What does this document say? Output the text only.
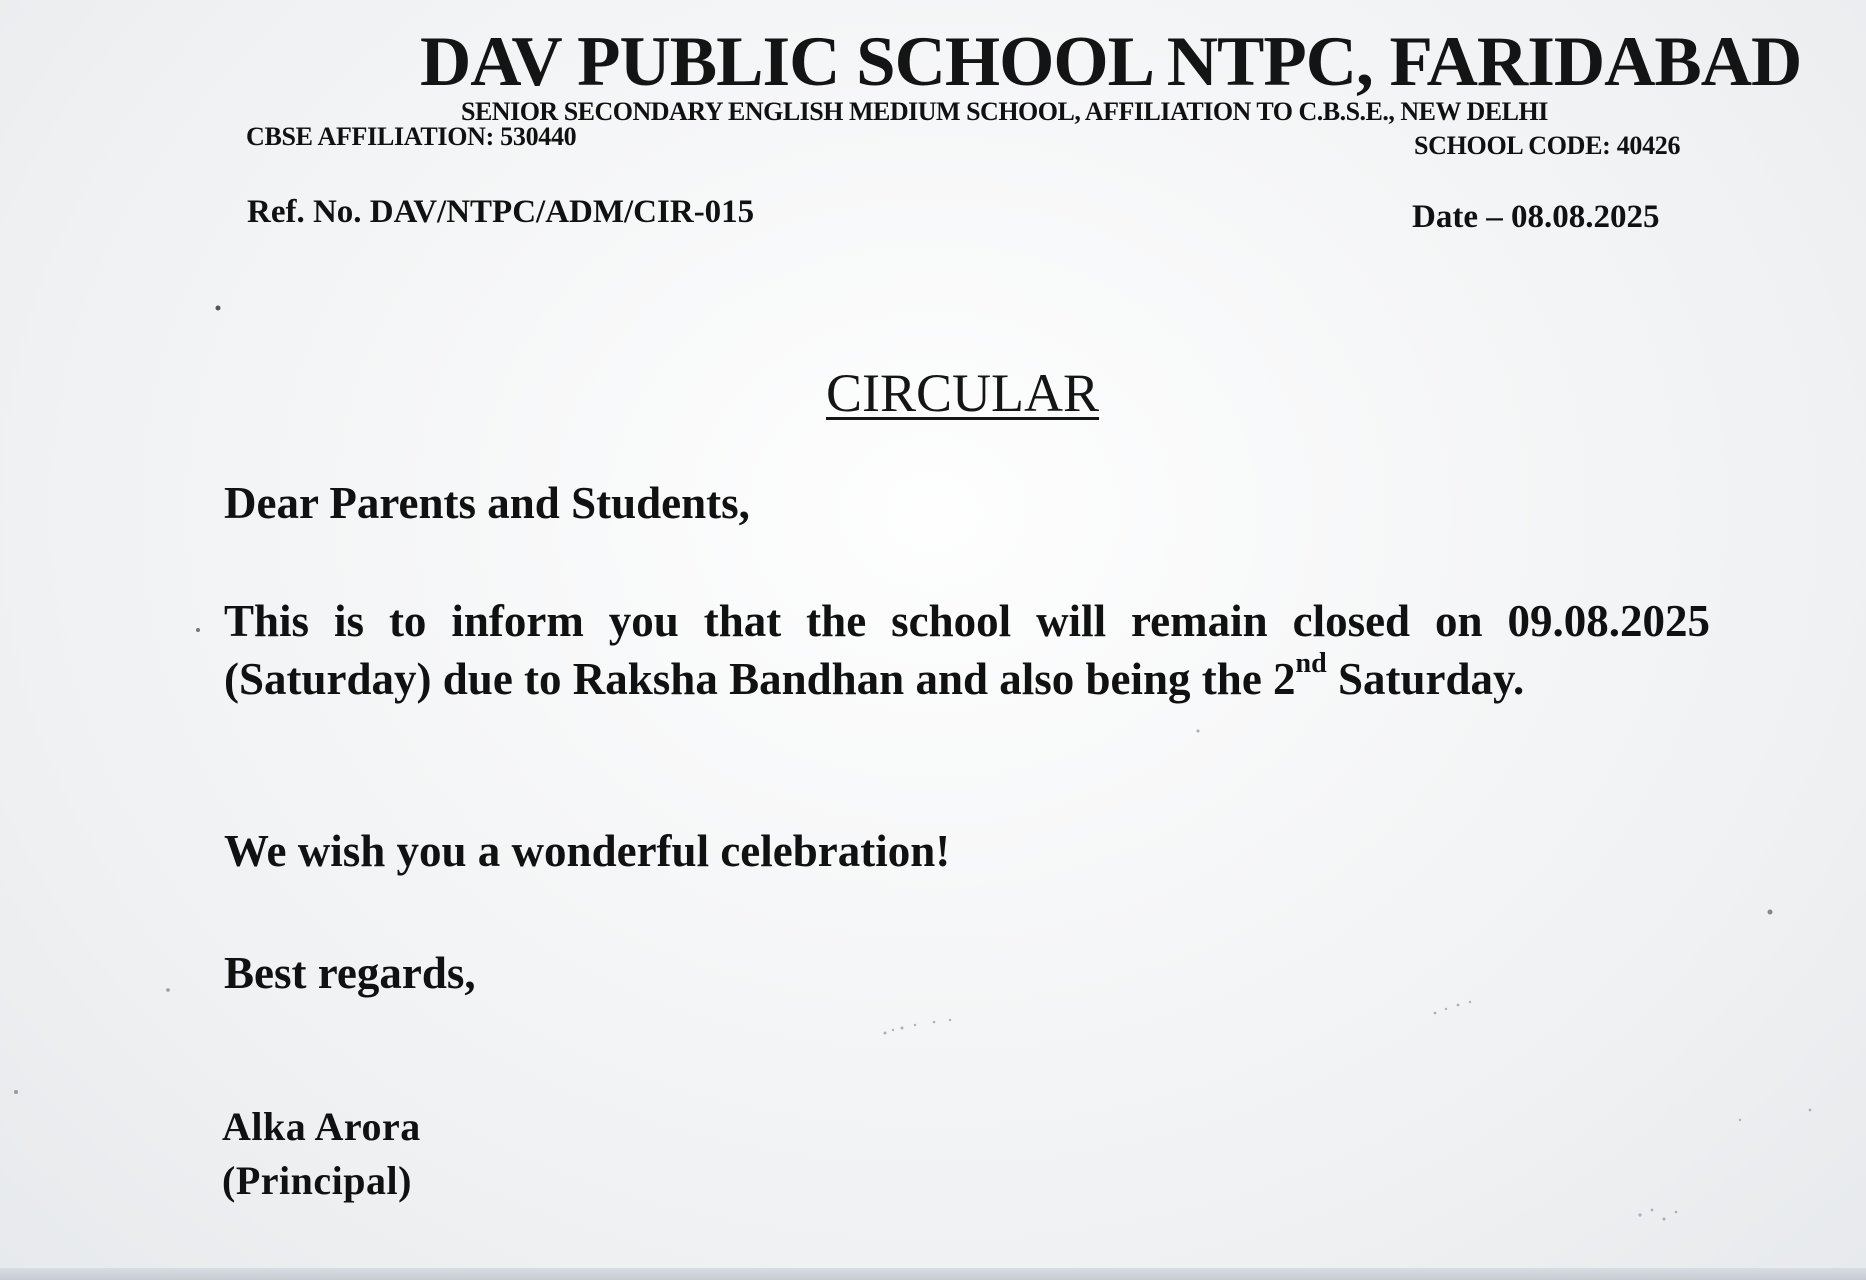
DAV PUBLIC SCHOOL NTPC, FARIDABAD
SENIOR SECONDARY ENGLISH MEDIUM SCHOOL, AFFILIATION TO C.B.S.E., NEW DELHI
CBSE AFFILIATION: 530440	SCHOOL CODE: 40426
Ref. No. DAV/NTPC/ADM/CIR-015	Date – 08.08.2025
CIRCULAR
Dear Parents and Students,
This is to inform you that the school will remain closed on 09.08.2025 (Saturday) due to Raksha Bandhan and also being the 2nd Saturday.
We wish you a wonderful celebration!
Best regards,
Alka Arora
(Principal)
